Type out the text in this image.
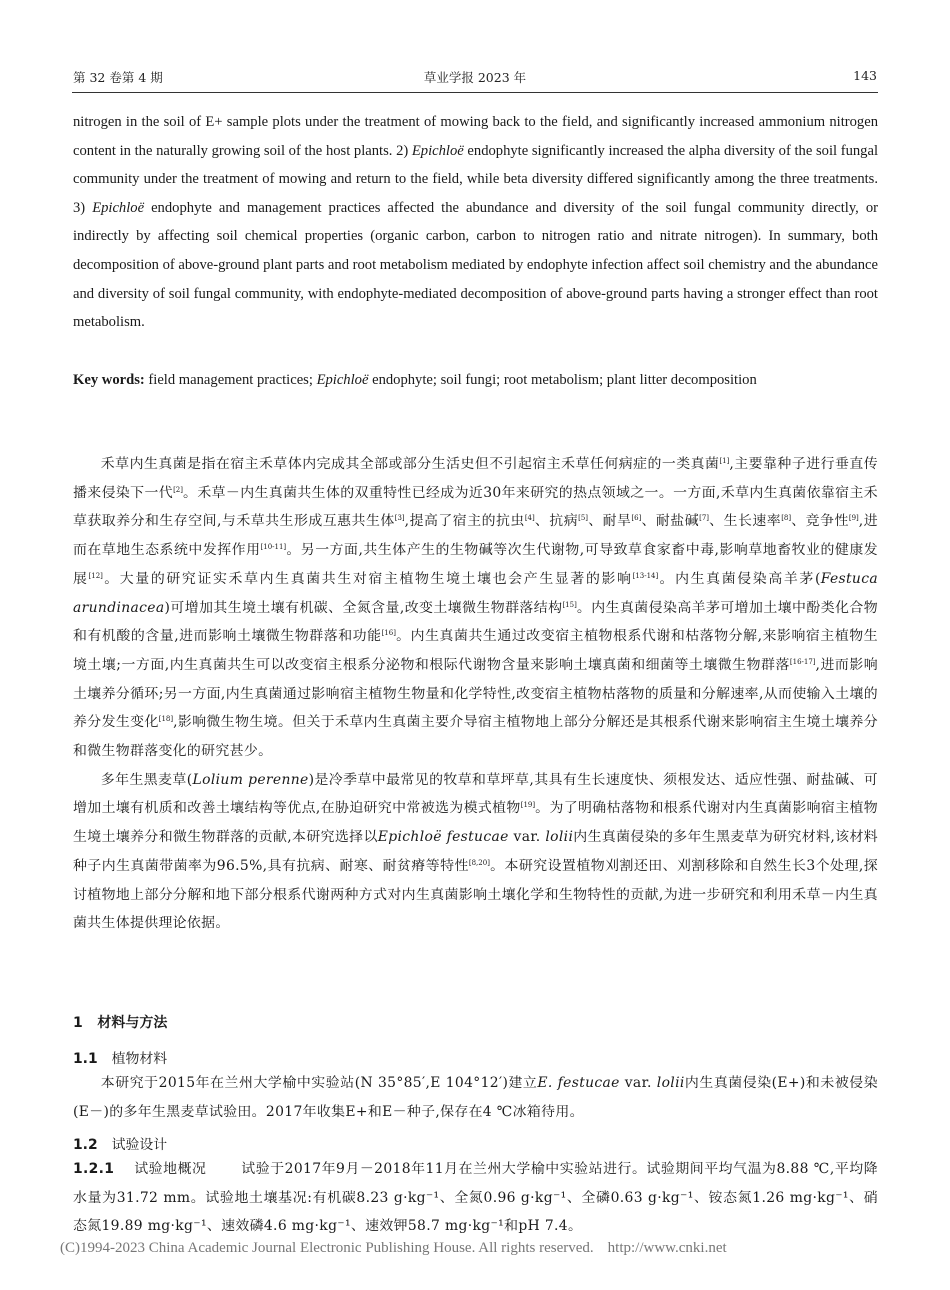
第 32 卷第 4 期	草业学报 2023 年	143
nitrogen in the soil of E+ sample plots under the treatment of mowing back to the field, and significantly increased ammonium nitrogen content in the naturally growing soil of the host plants. 2) Epichloë endophyte significantly increased the alpha diversity of the soil fungal community under the treatment of mowing and return to the field, while beta diversity differed significantly among the three treatments. 3) Epichloë endophyte and management practices affected the abundance and diversity of the soil fungal community directly, or indirectly by affecting soil chemical properties (organic carbon, carbon to nitrogen ratio and nitrate nitrogen). In summary, both decomposition of above-ground plant parts and root metabolism mediated by endophyte infection affect soil chemistry and the abundance and diversity of soil fungal community, with endophyte-mediated decomposition of above-ground parts having a stronger effect than root metabolism.
Key words: field management practices; Epichloë endophyte; soil fungi; root metabolism; plant litter decomposition

禾草内生真菌是指在宿主禾草体内完成其全部或部分生活史但不引起宿主禾草任何病症的一类真菌[1],主要靠种子进行垂直传播来侵染下一代[2]。禾草－内生真菌共生体的双重特性已经成为近30年来研究的热点领域之一。一方面,禾草内生真菌依靠宿主禾草获取养分和生存空间,与禾草共生形成互惠共生体[3],提高了宿主的抗虫[4]、抗病[5]、耐旱[6]、耐盐碱[7]、生长速率[8]、竞争性[9],进而在草地生态系统中发挥作用[10-11]。另一方面,共生体产生的生物碱等次生代谢物,可导致草食家畜中毒,影响草地畜牧业的健康发展[12]。大量的研究证实禾草内生真菌共生对宿主植物生境土壤也会产生显著的影响[13-14]。内生真菌侵染高羊茅(Festuca arundinacea)可增加其生境土壤有机碳、全氮含量,改变土壤微生物群落结构[15]。内生真菌侵染高羊茅可增加土壤中酚类化合物和有机酸的含量,进而影响土壤微生物群落和功能[16]。内生真菌共生通过改变宿主植物根系代谢和枯落物分解,来影响宿主植物生境土壤;一方面,内生真菌共生可以改变宿主根系分泌物和根际代谢物含量来影响土壤真菌和细菌等土壤微生物群落[16-17],进而影响土壤养分循环;另一方面,内生真菌通过影响宿主植物生物量和化学特性,改变宿主植物枯落物的质量和分解速率,从而使输入土壤的养分发生变化[18],影响微生物生境。但关于禾草内生真菌主要介导宿主植物地上部分分解还是其根系代谢来影响宿主生境土壤养分和微生物群落变化的研究甚少。

多年生黑麦草(Lolium perenne)是冷季草中最常见的牧草和草坪草,其具有生长速度快、须根发达、适应性强、耐盐碱、可增加土壤有机质和改善土壤结构等优点,在胁迫研究中常被选为模式植物[19]。为了明确枯落物和根系代谢对内生真菌影响宿主植物生境土壤养分和微生物群落的贡献,本研究选择以Epichloë festucae var. lolii内生真菌侵染的多年生黑麦草为研究材料,该材料种子内生真菌带菌率为96.5%,具有抗病、耐寒、耐贫瘠等特性[8,20]。本研究设置植物刈割还田、刈割移除和自然生长3个处理,探讨植物地上部分分解和地下部分根系代谢两种方式对内生真菌影响土壤化学和生物特性的贡献,为进一步研究和利用禾草－内生真菌共生体提供理论依据。

1 材料与方法
1.1 植物材料

本研究于2015年在兰州大学榆中实验站(N 35°85′,E 104°12′)建立E. festucae var. lolii内生真菌侵染(E+)和未被侵染(E－)的多年生黑麦草试验田。2017年收集E+和E－种子,保存在4 ℃冰箱待用。

1.2 试验设计

1.2.1 试验地概况	试验于2017年9月－2018年11月在兰州大学榆中实验站进行。试验期间平均气温为8.88 ℃,平均降水量为31.72 mm。试验地土壤基况:有机碳8.23 g·kg⁻¹、全氮0.96 g·kg⁻¹、全磷0.63 g·kg⁻¹、铵态氮1.26 mg·kg⁻¹、硝态氮19.89 mg·kg⁻¹、速效磷4.6 mg·kg⁻¹、速效钾58.7 mg·kg⁻¹和pH 7.4。

(C)1994-2023 China Academic Journal Electronic Publishing House. All rights reserved. http://www.cnki.net
